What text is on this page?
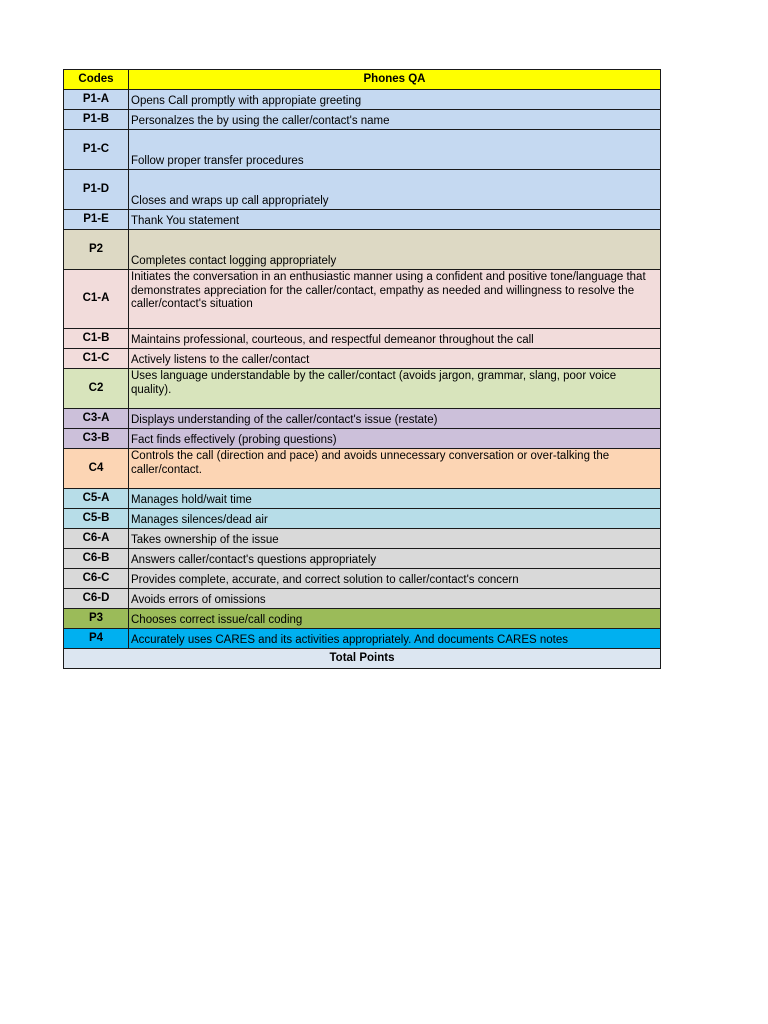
Codes	Phones QA
P1-A	Opens Call promptly with appropiate greeting
P1-B	Personalzes the by using the caller/contact's name
P1-C	Follow proper transfer procedures
P1-D	Closes and wraps up call appropriately
P1-E	Thank You statement
P2	Completes contact logging appropriately
C1-A	Initiates the conversation in an enthusiastic manner using a confident and positive tone/language that demonstrates appreciation for the caller/contact, empathy as needed and willingness to resolve the caller/contact's situation
C1-B	Maintains professional, courteous, and respectful demeanor throughout the call
C1-C	Actively listens to the caller/contact
C2	Uses language understandable by the caller/contact (avoids jargon, grammar, slang, poor voice quality).
C3-A	Displays understanding of the caller/contact's issue (restate)
C3-B	Fact finds effectively (probing questions)
C4	Controls the call (direction and pace) and avoids unnecessary conversation or over-talking the caller/contact.
C5-A	Manages hold/wait time
C5-B	Manages silences/dead air
C6-A	Takes ownership of the issue
C6-B	Answers caller/contact's questions appropriately
C6-C	Provides complete, accurate, and correct solution to caller/contact's concern
C6-D	Avoids errors of omissions
P3	Chooses correct issue/call coding
P4	Accurately uses CARES and its activities appropriately. And documents CARES notes
Total Points	
